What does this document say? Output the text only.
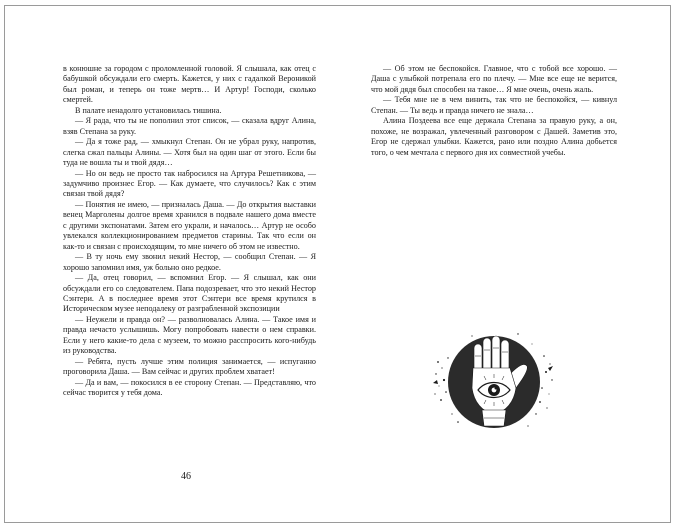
в конюшне за городом с проломленной головой. Я слышала, как отец с бабушкой обсуждали его смерть. Кажется, у них с гадалкой Вероникой был роман, и теперь он тоже мертв… И Артур! Господи, сколько смертей.

В палате ненадолго установилась тишина.

— Я рада, что ты не пополнил этот список, — сказала вдруг Алина, взяв Степана за руку.

— Да я тоже рад, — хмыкнул Степан. Он не убрал руку, напротив, слегка сжал пальцы Алины. — Хотя был на один шаг от этого. Если бы туда не вошла ты и твой дядя…

— Но он ведь не просто так набросился на Артура Решетникова, — задумчиво произнес Егор. — Как думаете, что случилось? Как с этим связан твой дядя?

— Понятия не имею, — призналась Даша. — До открытия выставки венец Марголены долгое время хранился в подвале нашего дома вместе с другими экспонатами. Затем его украли, и началось… Артур не особо увлекался коллекционированием предметов старины. Так что если он как-то и связан с происходящим, то мне ничего об этом не известно.

— В ту ночь ему звонил некий Нестор, — сообщил Степан. — Я хорошо запомнил имя, уж больно оно редкое.

— Да, отец говорил, — вспомнил Егор. — Я слышал, как они обсуждали его со следователем. Папа подозревает, что это некий Нестор Сэнтери. А в последнее время этот Сэнтери все время крутился в Историческом музее неподалеку от разграбленной экспозиции

— Неужели и правда он? — разволновалась Алина. — Такое имя и правда нечасто услышишь. Могу попробовать навести о нем справки. Если у него какие-то дела с музеем, то можно расспросить кого-нибудь из руководства.

— Ребята, пусть лучше этим полиция занимается, — испуганно проговорила Даша. — Вам сейчас и других проблем хватает!

— Да и вам, — покосился в ее сторону Степан. — Представляю, что сейчас творится у тебя дома.

46

— Об этом не беспокойся. Главное, что с тобой все хорошо. — Даша с улыбкой потрепала его по плечу. — Мне все еще не верится, что мой дядя был способен на такое… Я мне очень, очень жаль.

— Тебя мне не в чем винить, так что не беспокойся, — кивнул Степан. — Ты ведь и правда ничего не знала…

Алина Поздеева все еще держала Степана за правую руку, а он, похоже, не возражал, увлеченный разговором с Дашей. Заметив это, Егор не сдержал улыбки. Кажется, рано или поздно Алина добьется того, о чем мечтала с первого дня их совместной учебы.
